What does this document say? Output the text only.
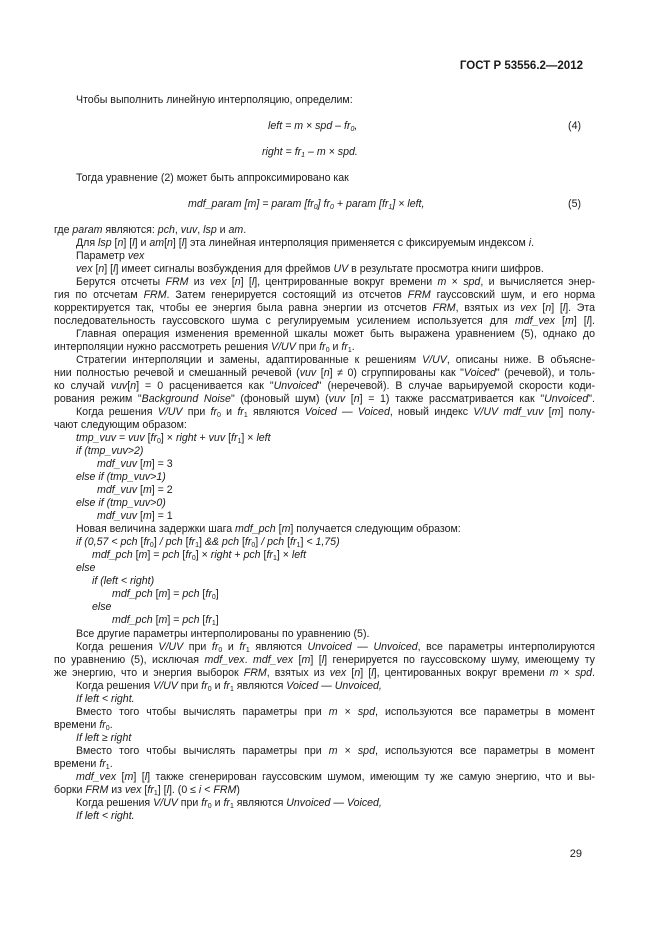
ГОСТ Р 53556.2—2012
left = m × spd – $fr_0$,	(4)
right = $fr_1$ – m × spd.
mdf_param [m] = param $[fr_0] fr_0$ + param $[fr_1]$ × left,	(5)
Чтобы выполнить линейную интерполяцию, определим:
Тогда уравнение (2) может быть аппроксимировано как
где param являются: pch, vuv, lsp и am.
Для lsp [n] [l] и am[n] [l] эта линейная интерполяция применяется с фиксируемым индексом i.
Параметр vex
vex [n] [l] имеет сигналы возбуждения для фреймов UV в результате просмотра книги шифров.
Берутся отсчеты FRM из vex [n] [l], центрированные вокруг времени m × spd, и вычисляется энер-
гия по отсчетам FRM. Затем генерируется состоящий из отсчетов FRM гауссовский шум, и его норма
корректируется так, чтобы ее энергия была равна энергии из отсчетов FRM, взятых из vex [n] [l]. Эта
последовательность гауссовского шума с регулируемым усилением используется для mdf_vex [m] [l].
Главная операция изменения временной шкалы может быть выражена уравнением (5), однако до
интерполяции нужно рассмотреть решения V/UV при $fr_0$ и $fr_1$.
Стратегии интерполяции и замены, адаптированные к решениям V/UV, описаны ниже. В объясне-
нии полностью речевой и смешанный речевой (vuv [n] ≠ 0) сгруппированы как "Voiced" (речевой), и толь-
ко случай vuv[n] = 0 расценивается как "Unvoiced" (неречевой). В случае варьируемой скорости коди-
рования режим "Background Noise" (фоновый шум) (vuv [n] = 1) также рассматривается как "Unvoiced".
Когда решения V/UV при $fr_0$ и $fr_1$ являются Voiced — Voiced, новый индекс V/UV mdf_vuv [m] полу-
чают следующим образом:
tmp_vuv = vuv $[fr_0]$ × right + vuv $[fr_1]$ × left
if (tmp_vuv>2)
mdf_vuv [m] = 3
else if (tmp_vuv>1)
mdf_vuv [m] = 2
else if (tmp_vuv>0)
mdf_vuv [m] = 1
Новая величина задержки шага mdf_pch [m] получается следующим образом:
if (0,57 < pch $[fr_0]$ / pch $[fr_1]$ && pch $[fr_0]$ / pch $[fr_1] < 1,75$)
mdf_pch [m] = pch $[fr_0]$ × right + pch $[fr_1]$ × left
else
if (left < right)
mdf_pch [m] = pch $[fr_0]$
else
mdf_pch [m] = pch $[fr_1]$
Все другие параметры интерполированы по уравнению (5).
Когда решения V/UV при $fr_0$ и $fr_1$ являются Unvoiced — Unvoiced, все параметры интерполируются
по уравнению (5), исключая mdf_vex. mdf_vex [m] [l] генерируется по гауссовскому шуму, имеющему ту
же энергию, что и энергия выборок FRM, взятых из vex [n] [l], центированных вокруг времени m × spd.
Когда решения V/UV при $fr_0$ и $fr_1$ являются Voiced — Unvoiced,
If left < right.
Вместо того чтобы вычислять параметры при m × spd, используются все параметры в момент
времени $fr_0$.
If left ≥ right
Вместо того чтобы вычислять параметры при m × spd, используются все параметры в момент
времени $fr_1$.
mdf_vex [m] [l] также сгенерирован гауссовским шумом, имеющим ту же самую энергию, что и вы-
борки FRM из vex $[fr_1]$ [l]. (0 ≤ i < FRM)
Когда решения V/UV при $fr_0$ и $fr_1$ являются Unvoiced — Voiced,
If left < right.
29
